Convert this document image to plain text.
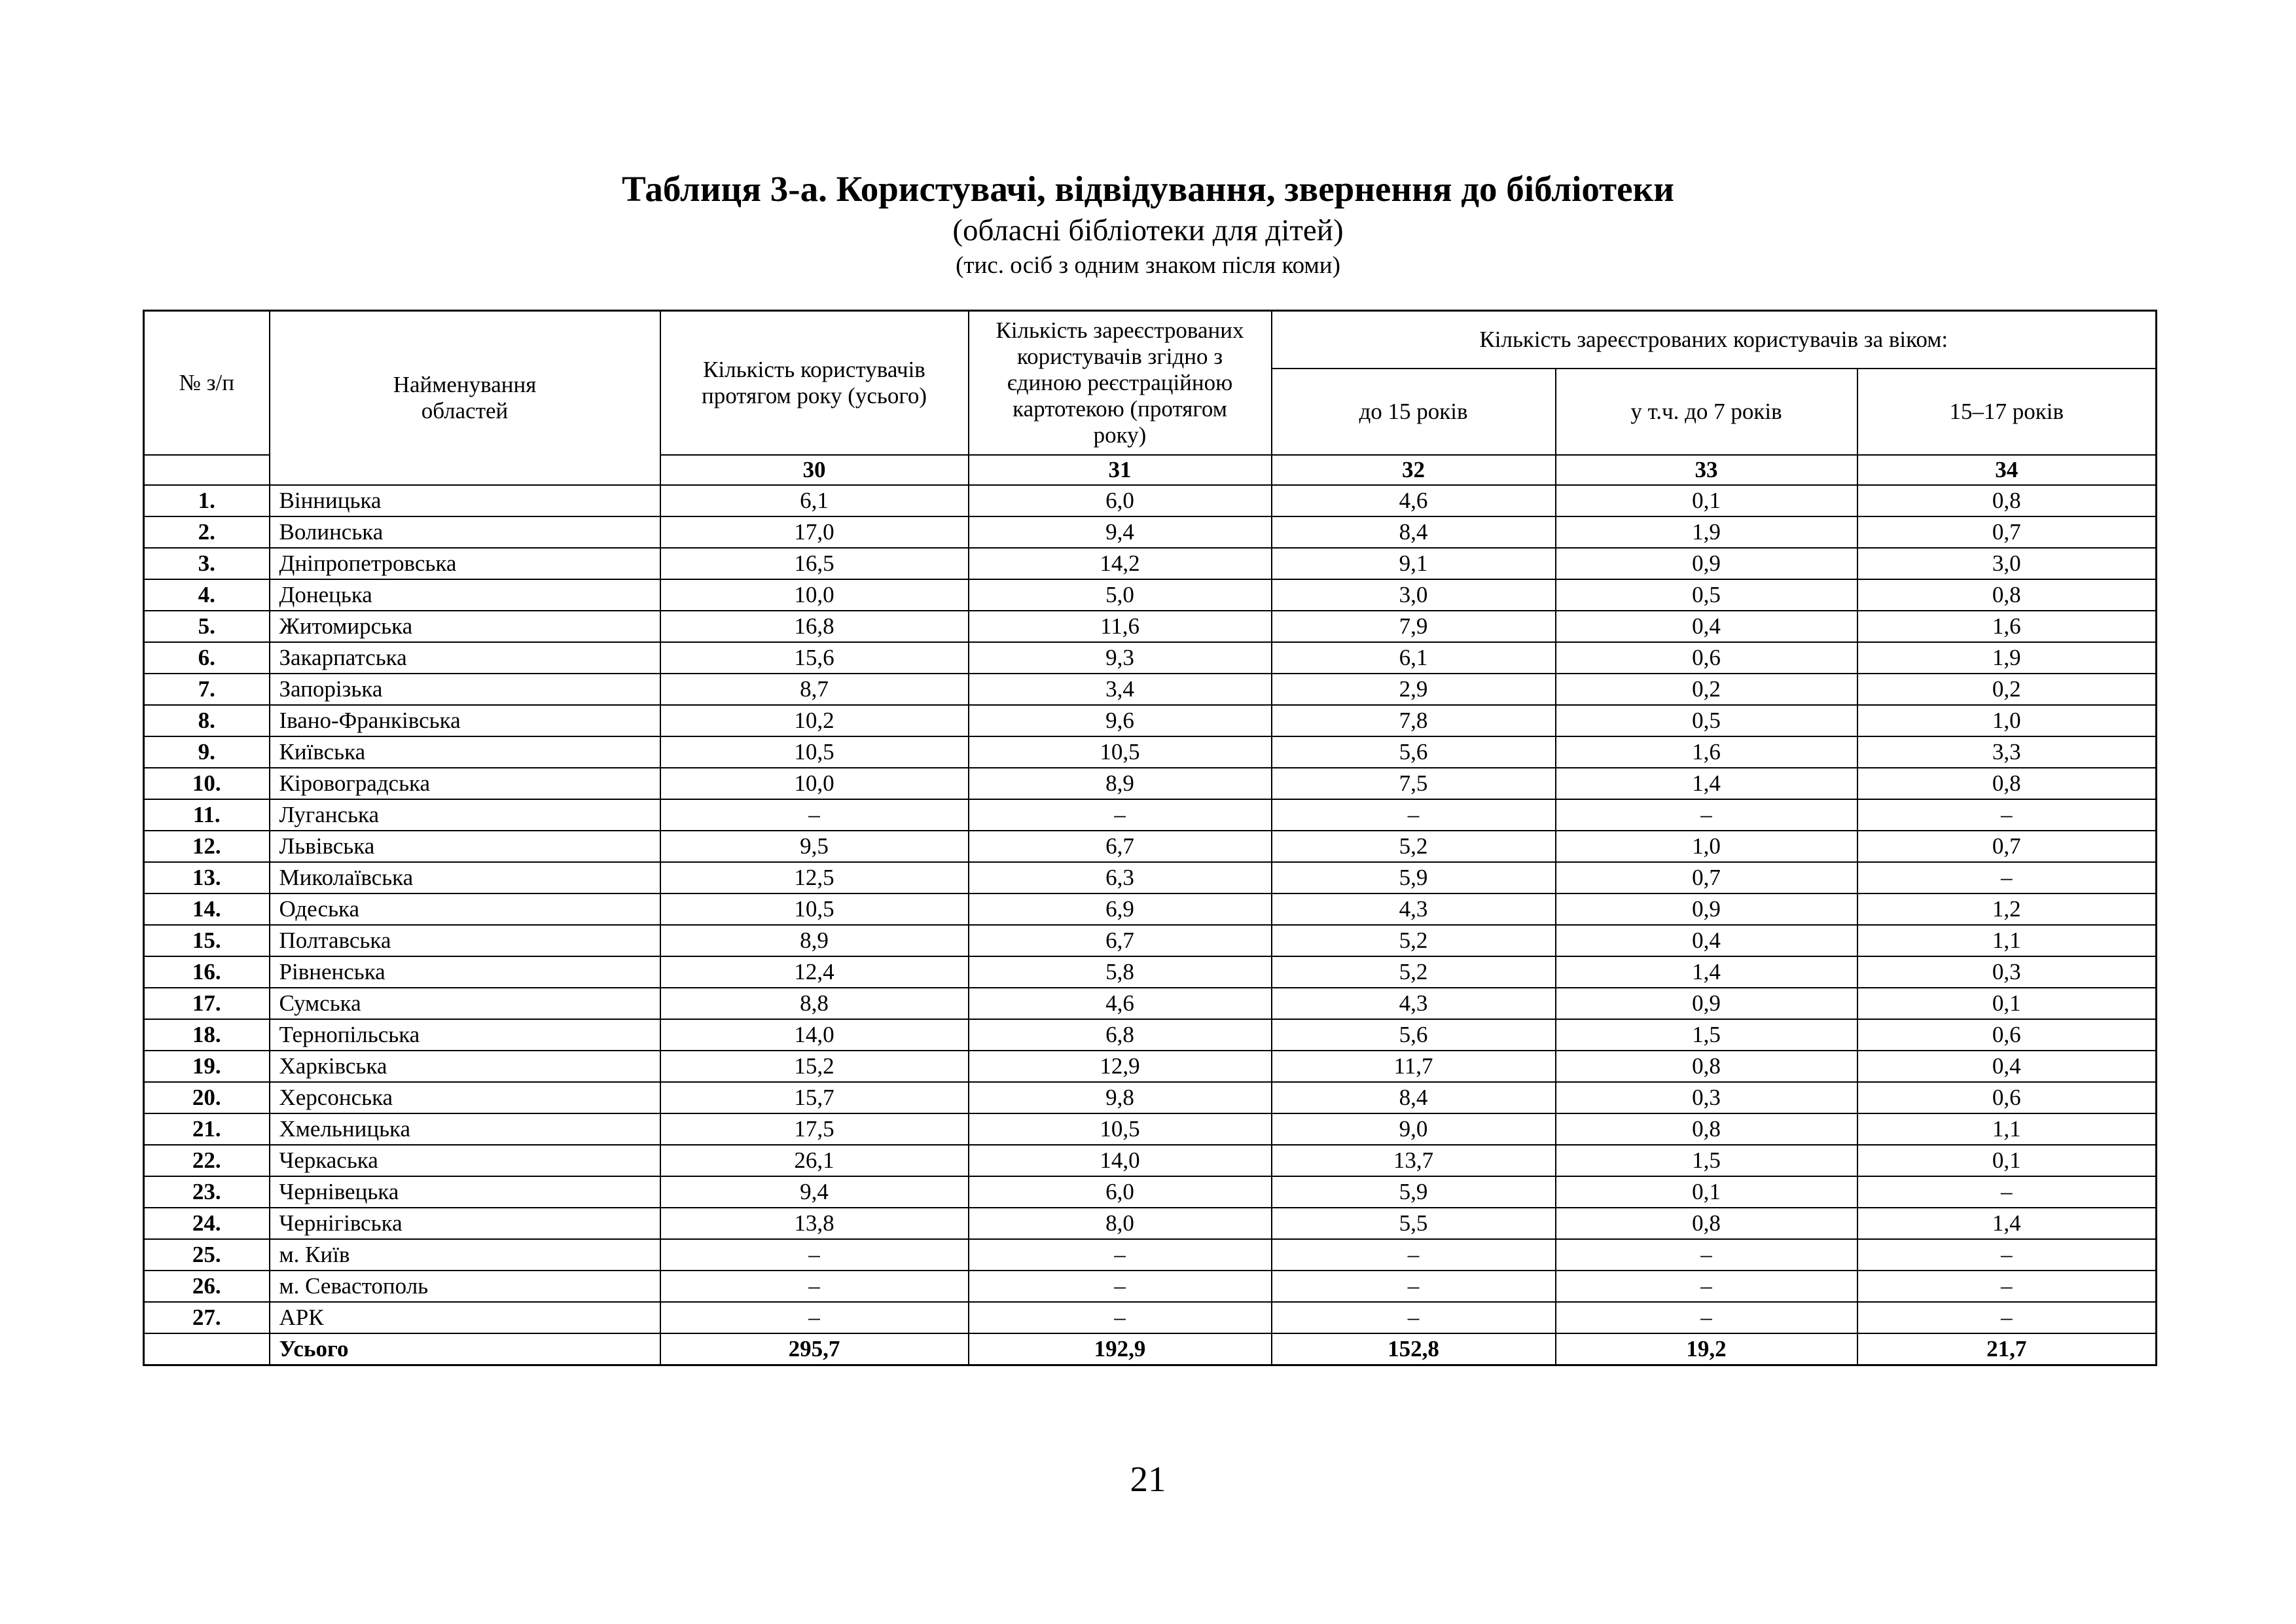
Таблиця 3-а. Користувачі, відвідування, звернення до бібліотеки

(обласні бібліотеки для дітей)

(тис. осіб з одним знаком після коми)

№ з/п	Найменування областей	Кількість користувачів протягом року (усього)	Кількість зареєстрованих користувачів згідно з єдиною реєстраційною картотекою (протягом року)	Кількість зареєстрованих користувачів за віком:		
				до 15 років	у т.ч. до 7 років	15–17 років
		30	31	32	33	34
1.	Вінницька	6,1	6,0	4,6	0,1	0,8
2.	Волинська	17,0	9,4	8,4	1,9	0,7
3.	Дніпропетровська	16,5	14,2	9,1	0,9	3,0
4.	Донецька	10,0	5,0	3,0	0,5	0,8
5.	Житомирська	16,8	11,6	7,9	0,4	1,6
6.	Закарпатська	15,6	9,3	6,1	0,6	1,9
7.	Запорізька	8,7	3,4	2,9	0,2	0,2
8.	Івано-Франківська	10,2	9,6	7,8	0,5	1,0
9.	Київська	10,5	10,5	5,6	1,6	3,3
10.	Кіровоградська	10,0	8,9	7,5	1,4	0,8
11.	Луганська	–	–	–	–	–
12.	Львівська	9,5	6,7	5,2	1,0	0,7
13.	Миколаївська	12,5	6,3	5,9	0,7	–
14.	Одеська	10,5	6,9	4,3	0,9	1,2
15.	Полтавська	8,9	6,7	5,2	0,4	1,1
16.	Рівненська	12,4	5,8	5,2	1,4	0,3
17.	Сумська	8,8	4,6	4,3	0,9	0,1
18.	Тернопільська	14,0	6,8	5,6	1,5	0,6
19.	Харківська	15,2	12,9	11,7	0,8	0,4
20.	Херсонська	15,7	9,8	8,4	0,3	0,6
21.	Хмельницька	17,5	10,5	9,0	0,8	1,1
22.	Черкаська	26,1	14,0	13,7	1,5	0,1
23.	Чернівецька	9,4	6,0	5,9	0,1	–
24.	Чернігівська	13,8	8,0	5,5	0,8	1,4
25.	м. Київ	–	–	–	–	–
26.	м. Севастополь	–	–	–	–	–
27.	АРК	–	–	–	–	–
	Усього	295,7	192,9	152,8	19,2	21,7
21
